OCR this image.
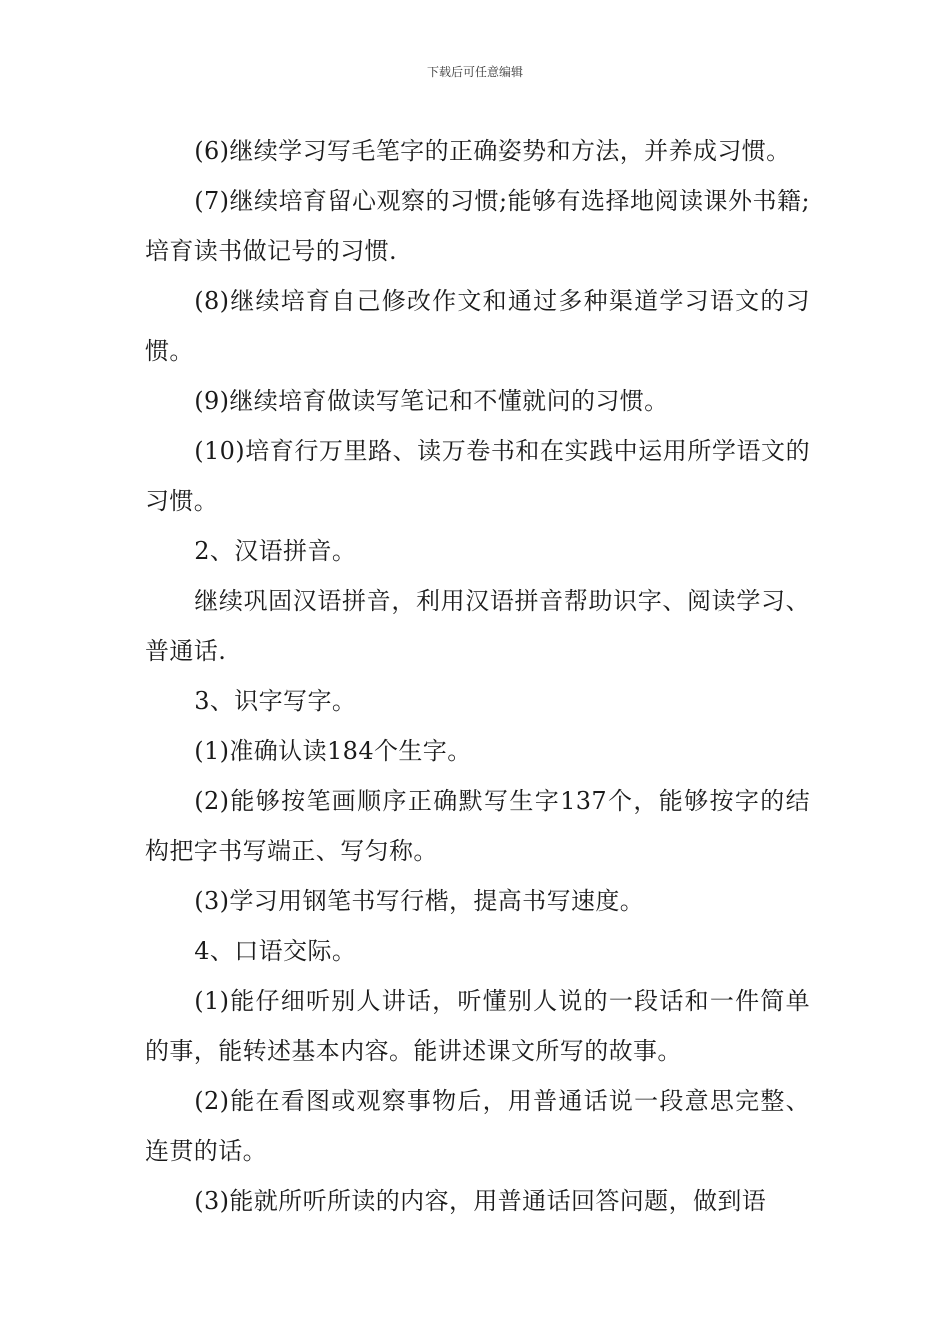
下载后可任意编辑

(6)继续学习写毛笔字的正确姿势和方法，并养成习惯。

(7)继续培育留心观察的习惯;能够有选择地阅读课外书籍;培育读书做记号的习惯.

(8)继续培育自己修改作文和通过多种渠道学习语文的习惯。

(9)继续培育做读写笔记和不懂就问的习惯。

(10)培育行万里路、读万卷书和在实践中运用所学语文的习惯。

2、汉语拼音。

继续巩固汉语拼音，利用汉语拼音帮助识字、阅读学习、普通话.

3、识字写字。

(1)准确认读184个生字。

(2)能够按笔画顺序正确默写生字137个，能够按字的结构把字书写端正、写匀称。

(3)学习用钢笔书写行楷，提高书写速度。

4、口语交际。

(1)能仔细听别人讲话，听懂别人说的一段话和一件简单的事，能转述基本内容。能讲述课文所写的故事。

(2)能在看图或观察事物后，用普通话说一段意思完整、连贯的话。

(3)能就所听所读的内容，用普通话回答问题，做到语
